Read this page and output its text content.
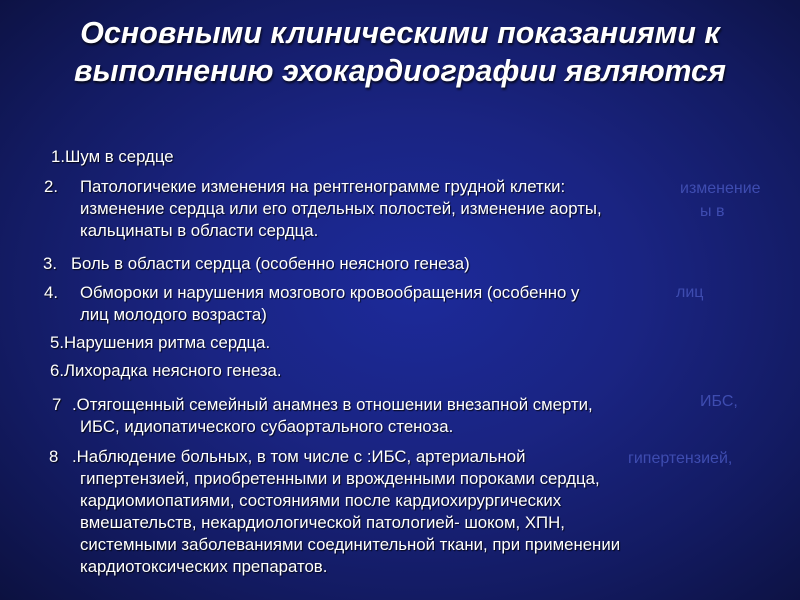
Основными клиническими показаниями к
выполнению эхокардиографии являются
изменение
ы в
лиц
ИБС,
гипертензией,
1.Шум в сердце
2. Патологичекие изменения на рентгенограмме грудной клетки:
изменение сердца или его отдельных полостей, изменение аорты,
кальцинаты в области сердца.
3. Боль в области сердца (особенно неясного генеза)
4. Обмороки и нарушения мозгового кровообращения (особенно у
лиц молодого возраста)
5.Нарушения ритма сердца.
6.Лихорадка неясного генеза.
7 .Отягощенный семейный анамнез в отношении внезапной смерти,
ИБС, идиопатического субаортального стеноза.
8 .Наблюдение больных, в том числе с :ИБС, артериальной
гипертензией, приобретенными и врожденными пороками сердца,
кардиомиопатиями, состояниями после кардиохирургических
вмешательств, некардиологической патологией- шоком, ХПН,
системными заболеваниями соединительной ткани, при применении
кардиотоксических препаратов.
